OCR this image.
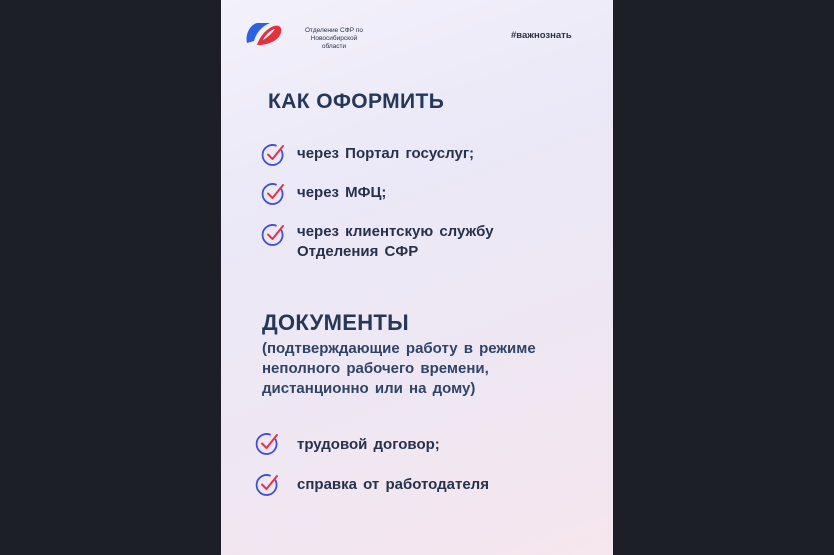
Отделение СФР по Новосибирской области
#важнознать
КАК ОФОРМИТЬ
через Портал госуслуг;
через МФЦ;
через клиентскую службу Отделения СФР
ДОКУМЕНТЫ
(подтверждающие работу в режиме неполного рабочего времени, дистанционно или на дому)
трудовой договор;
справка от работодателя
